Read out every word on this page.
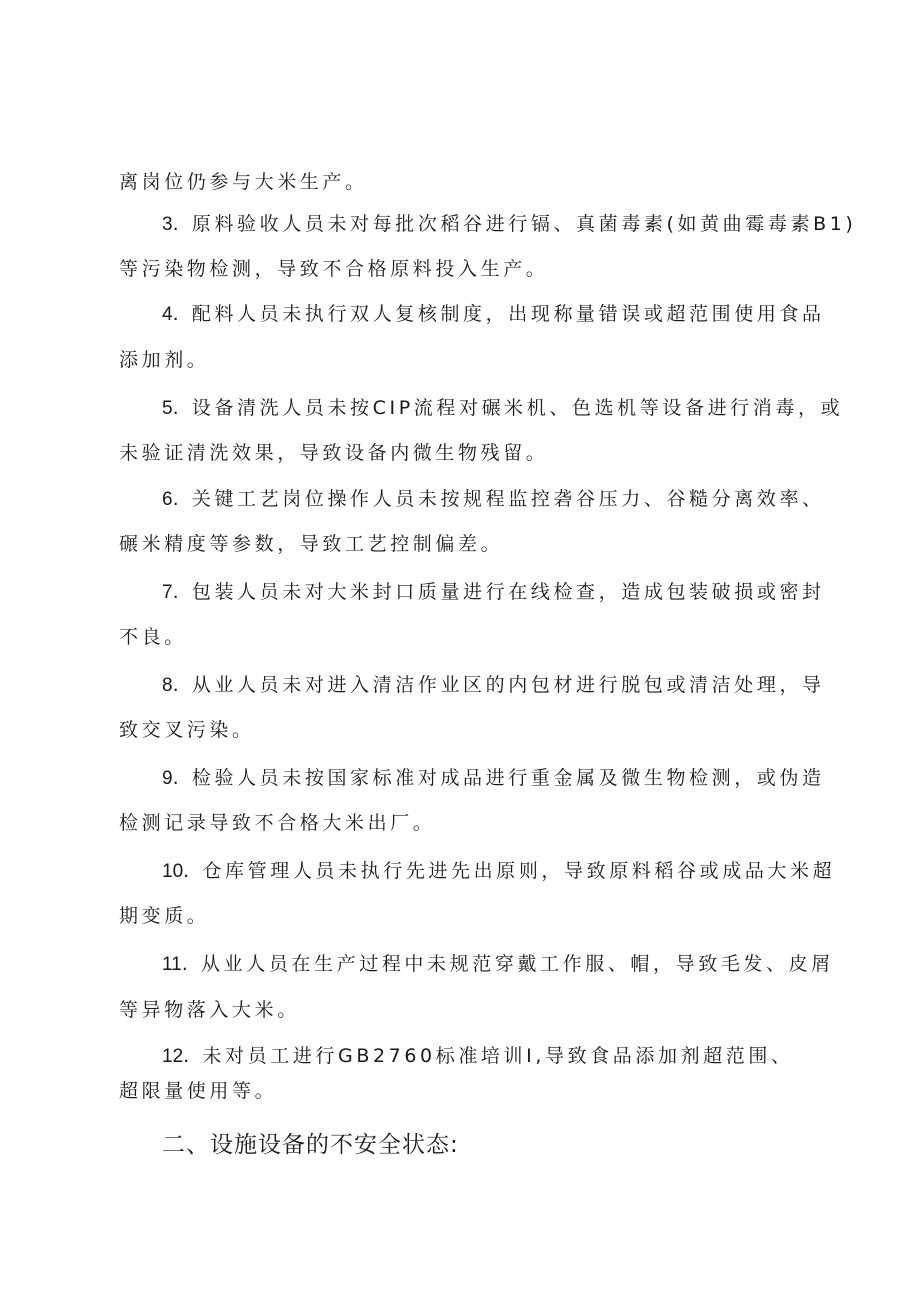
离岗位仍参与大米生产。
3. 原料验收人员未对每批次稻谷进行镉、真菌毒素(如黄曲霉毒素B1)
等污染物检测，导致不合格原料投入生产。
4. 配料人员未执行双人复核制度，出现称量错误或超范围使用食品
添加剂。
5. 设备清洗人员未按CIP流程对碾米机、色选机等设备进行消毒，或
未验证清洗效果，导致设备内微生物残留。
6. 关键工艺岗位操作人员未按规程监控砻谷压力、谷糙分离效率、
碾米精度等参数，导致工艺控制偏差。
7. 包装人员未对大米封口质量进行在线检查，造成包装破损或密封
不良。
8. 从业人员未对进入清洁作业区的内包材进行脱包或清洁处理，导
致交叉污染。
9. 检验人员未按国家标准对成品进行重金属及微生物检测，或伪造
检测记录导致不合格大米出厂。
10. 仓库管理人员未执行先进先出原则，导致原料稻谷或成品大米超
期变质。
11. 从业人员在生产过程中未规范穿戴工作服、帽，导致毛发、皮屑
等异物落入大米。
12. 未对员工进行GB2760标准培训I,导致食品添加剂超范围、
超限量使用等。
二、设施设备的不安全状态:
